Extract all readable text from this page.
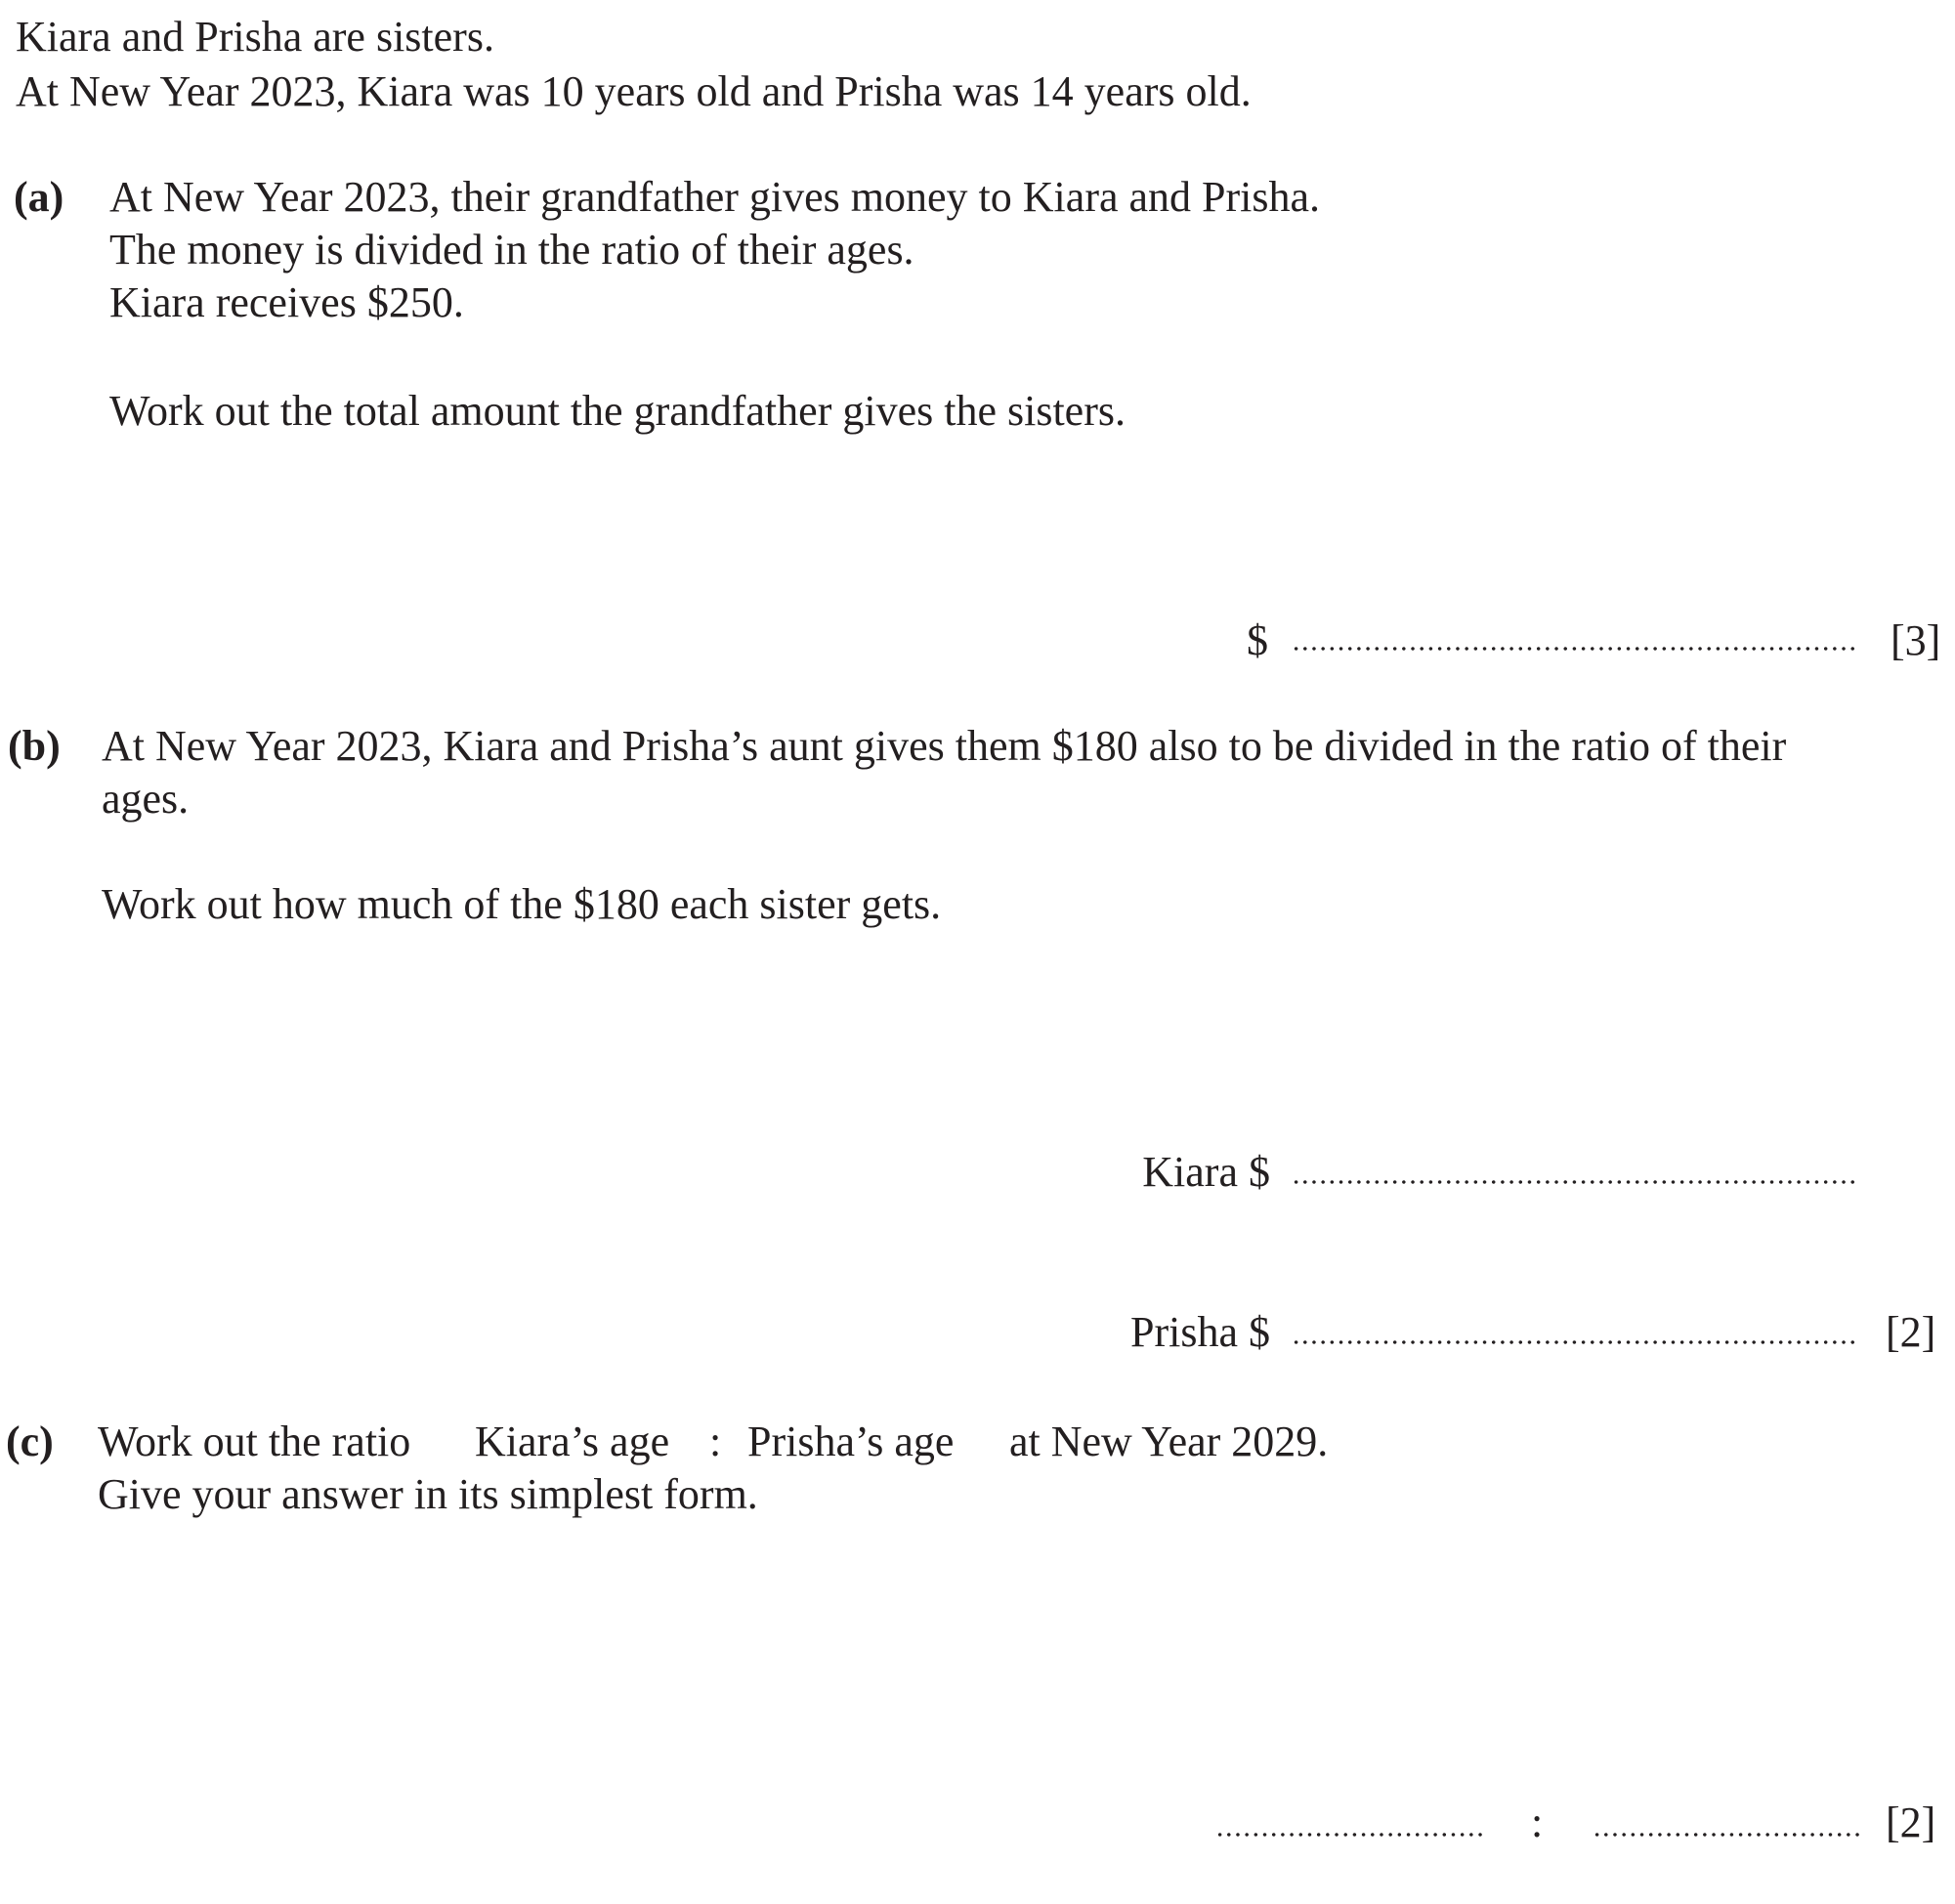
Kiara and Prisha are sisters.
At New Year 2023, Kiara was 10 years old and Prisha was 14 years old.
(a) At New Year 2023, their grandfather gives money to Kiara and Prisha.
The money is divided in the ratio of their ages.
Kiara receives $250.
Work out the total amount the grandfather gives the sisters.
$	[3]
(b) At New Year 2023, Kiara and Prisha’s aunt gives them $180 also to be divided in the ratio of their
ages.
Work out how much of the $180 each sister gets.
Kiara $
Prisha $	[2]
(c) Work out the ratio Kiara’s age : Prisha’s age at New Year 2029.
Give your answer in its simplest form.
:	[2]
